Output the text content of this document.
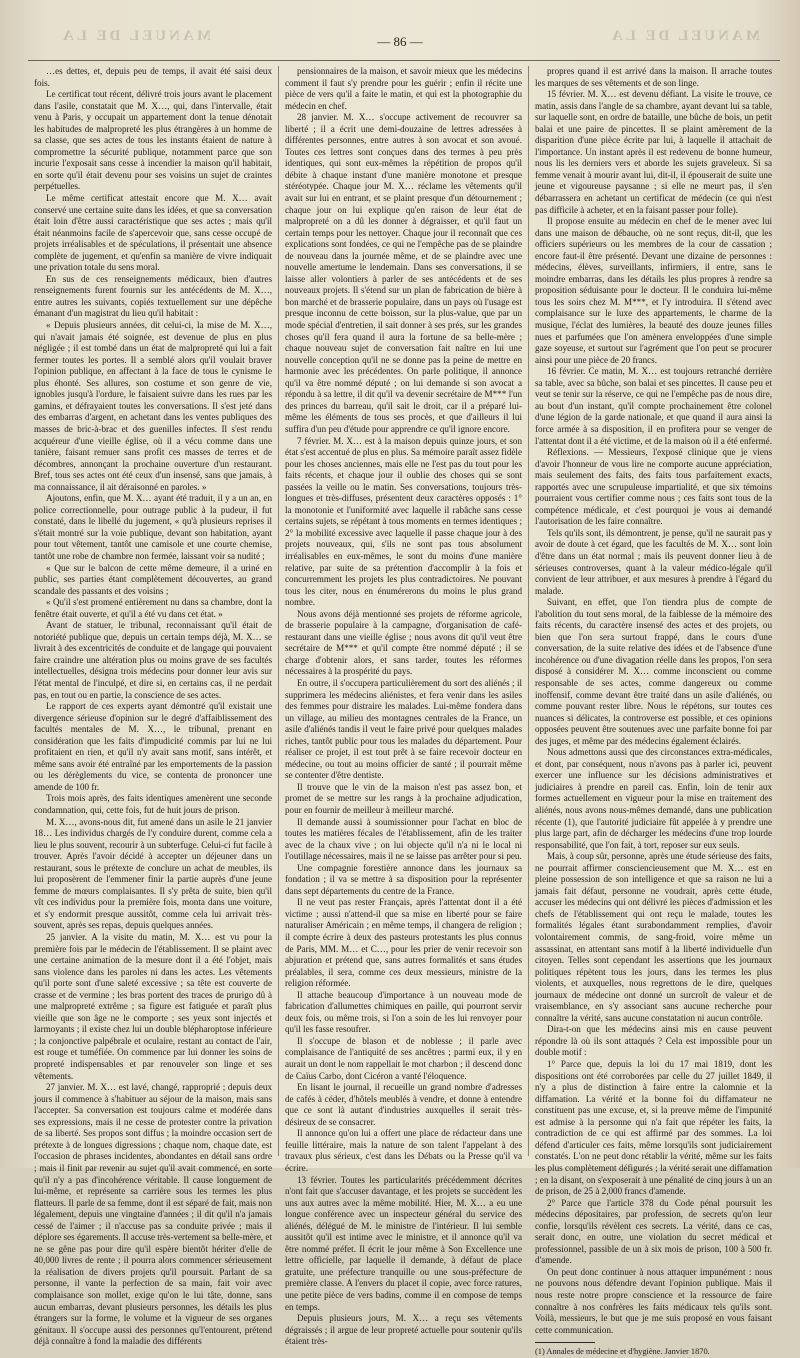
MANUEL DE LA	— 86 —	MANUEL DE LA

…es dettes, et, depuis peu de temps, il avait été saisi deux fois.

Le certificat tout récent, délivré trois jours avant le placement dans l'asile, constatait que M. X…, qui, dans l'intervalle, était venu à Paris, y occupait un appartement dont la tenue dénotait les habitudes de malpropreté les plus étrangères à un homme de sa classe, que ses actes de tous les instants étaient de nature à compromettre la sécurité publique, notamment parce que son incurie l'exposait sans cesse à incendier la maison qu'il habitait, en sorte qu'il était devenu pour ses voisins un sujet de craintes perpétuelles.

Le même certificat attestait encore que M. X… avait conservé une certaine suite dans les idées, et que sa conversation était loin d'être aussi caractéristique que ses actes ; mais qu'il était néanmoins facile de s'apercevoir que, sans cesse occupé de projets irréalisables et de spéculations, il présentait une absence complète de jugement, et qu'enfin sa manière de vivre indiquait une privation totale du sens moral.

En sus de ces renseignements médicaux, bien d'autres renseignements furent fournis sur les antécédents de M. X…, entre autres les suivants, copiés textuellement sur une dépêche émanant d'un magistrat du lieu qu'il habitait :

« Depuis plusieurs années, dit celui-ci, la mise de M. X…, qui n'avait jamais été soignée, est devenue de plus en plus négligée ; il est tombé dans un état de malpropreté qui lui a fait fermer toutes les portes. Il a semblé alors qu'il voulait braver l'opinion publique, en affectant à la face de tous le cynisme le plus éhonté. Ses allures, son costume et son genre de vie, ignobles jusqu'à l'ordure, le faisaient suivre dans les rues par les gamins, et défrayaient toutes les conversations. Il s'est jeté dans des embarras d'argent, en achetant dans les ventes publiques des masses de bric-à-brac et des guenilles infectes. Il s'est rendu acquéreur d'une vieille église, où il a vécu comme dans une tanière, faisant remuer sans profit ces masses de terres et de décombres, annonçant la prochaine ouverture d'un restaurant. Bref, tous ses actes ont été ceux d'un insensé, sans que jamais, à ma connaissance, il ait déraisonné en paroles. »

Ajoutons, enfin, que M. X… ayant été traduit, il y a un an, en police correctionnelle, pour outrage public à la pudeur, il fut constaté, dans le libellé du jugement, « qu'à plusieurs reprises il s'était montré sur la voie publique, devant son habitation, ayant pour tout vêtement, tantôt une camisole et une courte chemise, tantôt une robe de chambre non fermée, laissant voir sa nudité ;

« Que sur le balcon de cette même demeure, il a uriné en public, ses parties étant complètement découvertes, au grand scandale des passants et des voisins ;

« Qu'il s'est promené entièrement nu dans sa chambre, dont la fenêtre était ouverte, et qu'il a été vu dans cet état. »

Avant de statuer, le tribunal, reconnaissant qu'il était de notoriété publique que, depuis un certain temps déjà, M. X… se livrait à des excentricités de conduite et de langage qui pouvaient faire craindre une altération plus ou moins grave de ses facultés intellectuelles, désigna trois médecins pour donner leur avis sur l'état mental de l'inculpé, et dire si, en certains cas, il ne perdait pas, en tout ou en partie, la conscience de ses actes.

Le rapport de ces experts ayant démontré qu'il existait une divergence sérieuse d'opinion sur le degré d'affaiblissement des facultés mentales de M. X…, le tribunal, prenant en considération que les faits d'impudicité commis par lui ne lui profitaient en rien, et qu'il n'y avait sans motif, sans intérêt, et même sans avoir été entraîné par les emportements de la passion ou les dérèglements du vice, se contenta de prononcer une amende de 100 fr.

Trois mois après, des faits identiques amenèrent une seconde condamnation, qui, cette fois, fut de huit jours de prison.

M. X…, avons-nous dit, fut amené dans un asile le 21 janvier 18… Les individus chargés de l'y conduire durent, comme cela a lieu le plus souvent, recourir à un subterfuge. Celui-ci fut facile à trouver. Après l'avoir décidé à accepter un déjeuner dans un restaurant, sous le prétexte de conclure un achat de meubles, ils lui proposèrent de l'emmener finir la partie auprès d'une jeune femme de mœurs complaisantes. Il s'y prêta de suite, bien qu'il vît ces individus pour la première fois, monta dans une voiture, et s'y endormit presque aussitôt, comme cela lui arrivait très-souvent, après ses repas, depuis quelques années.

25 janvier. A la visite du matin, M. X… est vu pour la première fois par le médecin de l'établissement. Il se plaint avec une certaine animation de la mesure dont il a été l'objet, mais sans violence dans les paroles ni dans les actes. Les vêtements qu'il porte sont d'une saleté excessive ; sa tête est couverte de crasse et de vermine ; les bras portent des traces de prurigo dû à une malpropreté extrême ; sa figure est fatiguée et paraît plus vieille que son âge ne le comporte ; ses yeux sont injectés et larmoyants ; il existe chez lui un double blépharoptose inférieure ; la conjonctive palpébrale et oculaire, restant au contact de l'air, est rouge et tuméfiée. On commence par lui donner les soins de propreté indispensables et par renouveler son linge et ses vêtements.

27 janvier. M. X… est lavé, changé, rapproprié ; depuis deux jours il commence à s'habituer au séjour de la maison, mais sans l'accepter. Sa conversation est toujours calme et modérée dans ses expressions, mais il ne cesse de protester contre la privation de sa liberté. Ses propos sont diffus ; la moindre occasion sert de prétexte à de longues digressions ; chaque nom, chaque date, est l'occasion de phrases incidentes, abondantes en détail sans ordre ; mais il finit par revenir au sujet qu'il avait commencé, en sorte qu'il n'y a pas d'incohérence véritable. Il cause longuement de lui-même, et représente sa carrière sous les termes les plus flatteurs. Il parle de sa femme, dont il est séparé de fait, mais non légalement, depuis une vingtaine d'années ; il dit qu'il n'a jamais cessé de l'aimer ; il n'accuse pas sa conduite privée ; mais il déplore ses égarements. Il accuse très-vertement sa belle-mère, et ne se gêne pas pour dire qu'il espère bientôt hériter d'elle de 40,000 livres de rente ; il pourra alors commencer sérieusement la réalisation de divers projets qu'il poursuit. Parlant de sa personne, il vante la perfection de sa main, fait voir avec complaisance son mollet, exige qu'on le lui tâte, donne, sans aucun embarras, devant plusieurs personnes, les détails les plus étrangers sur la forme, le volume et la vigueur de ses organes génitaux. Il s'occupe aussi des personnes qu'l'entourent, prétend déjà connaître à fond la maladie des différents

pensionnaires de la maison, et savoir mieux que les médecins comment il faut s'y prendre pour les guérir ; enfin il récite une pièce de vers qu'il a faite le matin, et qui est la photographie du médecin en chef.

28 janvier. M. X… s'occupe activement de recouvrer sa liberté ; il a écrit une demi-douzaine de lettres adressées à différentes personnes, entre autres à son avocat et son avoué. Toutes ces lettres sont conçues dans des termes à peu près identiques, qui sont eux-mêmes la répétition de propos qu'il débite à chaque instant d'une manière monotone et presque stéréotypée. Chaque jour M. X… réclame les vêtements qu'il avait sur lui en entrant, et se plaint presque d'un détournement ; chaque jour on lui explique qu'en raison de leur état de malpropreté on a dû les donner à dégraisser, et qu'il faut un certain temps pour les nettoyer. Chaque jour il reconnaît que ces explications sont fondées, ce qui ne l'empêche pas de se plaindre de nouveau dans la journée même, et de se plaindre avec une nouvelle amertume le lendemain. Dans ses conversations, il se laisse aller volontiers à parler de ses antécédents et de ses nouveaux projets. Il s'étend sur un plan de fabrication de bière à bon marché et de brasserie populaire, dans un pays où l'usage est presque inconnu de cette boisson, sur la plus-value, que par un mode spécial d'entretien, il sait donner à ses prés, sur les grandes choses qu'il fera quand il aura la fortune de sa belle-mère ; chaque nouveau sujet de conversation fait naître en lui une nouvelle conception qu'il ne se donne pas la peine de mettre en harmonie avec les précédentes. On parle politique, il annonce qu'il va être nommé député ; on lui demande si son avocat a répondu à sa lettre, il dit qu'il va devenir secrétaire de M*** l'un des princes du barreau, qu'il sait le droit, car il a préparé lui-même les éléments de tous ses procès, et que d'ailleurs il lui suffira d'un peu d'étude pour apprendre ce qu'il ignore encore.

7 février. M. X… est à la maison depuis quinze jours, et son état s'est accentué de plus en plus. Sa mémoire paraît assez fidèle pour les choses anciennes, mais elle ne l'est pas du tout pour les faits récents, et chaque jour il oublie des choses qui se sont passées la veille ou le matin. Ses conversations, toujours très-longues et très-diffuses, présentent deux caractères opposés : 1° la monotonie et l'uniformité avec laquelle il rabâche sans cesse certains sujets, se répétant à tous moments en termes identiques ; 2° la mobilité excessive avec laquelle il passe chaque jour à des projets nouveaux, qui, s'ils ne sont pas tous absolument irréalisables en eux-mêmes, le sont du moins d'une manière relative, par suite de sa prétention d'accomplir à la fois et concurremment les projets les plus contradictoires. Ne pouvant tous les citer, nous en énumérerons du moins le plus grand nombre.

Nous avons déjà mentionné ses projets de réforme agricole, de brasserie populaire à la campagne, d'organisation de café-restaurant dans une vieille église ; nous avons dit qu'il veut être secrétaire de M*** et qu'il compte être nommé député ; il se charge d'obtenir alors, et sans tarder, toutes les réformes nécessaires à la prospérité du pays.

En outre, il s'occupera particulièrement du sort des aliénés ; il supprimera les médecins aliénistes, et fera venir dans les asiles des femmes pour distraire les malades. Lui-même fondera dans un village, au milieu des montagnes centrales de la France, un asile d'aliénés tandis il veut le faire privé pour quelques malades riches, tantôt public pour tous les malades du département. Pour réaliser ce projet, il est tout prêt à se faire recevoir docteur en médecine, ou tout au moins officier de santé ; il pourrait même se contenter d'être dentiste.

Il trouve que le vin de la maison n'est pas assez bon, et promet de se mettre sur les rangs à la prochaine adjudication, pour en fournir de meilleur à meilleur marché.

Il demande aussi à soumissionner pour l'achat en bloc de toutes les matières fécales de l'établissement, afin de les traiter avec de la chaux vive ; on lui objecte qu'il n'a ni le local ni l'outillage nécessaires, mais il ne se laisse pas arrêter pour si peu.

Une compagnie forestière annonce dans les journaux sa fondation ; il va se mettre à sa disposition pour la représenter dans sept départements du centre de la France.

Il ne veut pas rester Français, après l'attentat dont il a été victime ; aussi n'attend-il que sa mise en liberté pour se faire naturaliser Américain ; en même temps, il changera de religion ; il compte écrire à deux des pasteurs protestants les plus connus de Paris, MM. M… et C…, pour les prier de venir recevoir son abjuration et prétend que, sans autres formalités et sans études préalables, il sera, comme ces deux messieurs, ministre de la religion réformée.

Il attache beaucoup d'importance à un nouveau mode de fabrication d'allumettes chimiques en paille, qui pourront servir deux fois, ou même trois, si l'on a soin de les lui renvoyer pour qu'il les fasse resoufrer.

Il s'occupe de blason et de noblesse ; il parle avec complaisance de l'antiquité de ses ancêtres ; parmi eux, il y en aurait un dont le nom rappellait le mot charbon ; il descend donc de Caïus Carbo, dont Cicéron a vanté l'éloquence.

En lisant le journal, il recueille un grand nombre d'adresses de cafés à céder, d'hôtels meublés à vendre, et donne à entendre que ce sont là autant d'industries auxquelles il serait très-désireux de se consacrer.

Il annonce qu'on lui a offert une place de rédacteur dans une feuille littéraire, mais la nature de son talent l'appelant à des travaux plus sérieux, c'est dans les Débats ou la Presse qu'il va écrire.

13 février. Toutes les particularités précédemment décrites n'ont fait que s'accuser davantage, et les projets se succèdent les uns aux autres avec la même mobilité. Hier, M. X… a eu une longue conférence avec un inspecteur général du service des aliénés, délégué de M. le ministre de l'intérieur. Il lui semble aussitôt qu'il est intime avec le ministre, et il annonce qu'il va être nommé préfet. Il écrit le jour même à Son Excellence une lettre officielle, par laquelle il demande, à défaut de place gratuite, une préfecture tranquille ou une sous-préfecture de première classe. A l'envers du placet il copie, avec force ratures, une petite pièce de vers badins, comme il en compose de temps en temps.

Depuis plusieurs jours, M. X… a reçu ses vêtements dégraissés ; il argue de leur propreté actuelle pour soutenir qu'ils étaient très-

propres quand il est arrivé dans la maison. Il arrache toutes les marques de ses vêtements et de son linge.

15 février. M. X… est devenu défiant. La visite le trouve, ce matin, assis dans l'angle de sa chambre, ayant devant lui sa table, sur laquelle sont, en ordre de bataille, une bûche de bois, un petit balai et une paire de pincettes. Il se plaint amèrement de la disparition d'une pièce écrite par lui, à laquelle il attachait de l'importance. Un instant après il est redevenu de bonne humeur, nous lis les derniers vers et aborde les sujets graveleux. Si sa femme venait à mourir avant lui, dit-il, il épouserait de suite une jeune et vigoureuse paysanne ; si elle ne meurt pas, il s'en débarrassera en achetant un certificat de médecin (ce qui n'est pas difficile à acheter, et en la faisant passer pour folle).

Il propose ensuite au médecin en chef de le mener avec lui dans une maison de débauche, où ne sont reçus, dit-il, que les officiers supérieurs ou les membres de la cour de cassation ; encore faut-il être présenté. Devant une dizaine de personnes : médecins, élèves, surveillants, infirmiers, il entre, sans le moindre embarras, dans les détails les plus propres à rendre sa proposition séduisante pour le docteur. Il le conduira lui-même tous les soirs chez M. M***, et l'y introduira. Il s'étend avec complaisance sur le luxe des appartements, le charme de la musique, l'éclat des lumières, la beauté des douze jeunes filles nues et parfumées que l'on amènera enveloppées d'une simple gaze soyeuse, et surtout sur l'agrément que l'on peut se procurer ainsi pour une pièce de 20 francs.

16 février. Ce matin, M. X… est toujours retranché derrière sa table, avec sa bûche, son balai et ses pincettes. Il cause peu et veut se tenir sur la réserve, ce qui ne l'empêche pas de nous dire, au bout d'un instant, qu'il compte prochainement être colonel d'une légion de la garde nationale, et que quand il aura ainsi la force armée à sa disposition, il en profitera pour se venger de l'attentat dont il a été victime, et de la maison où il a été enfermé.

Réflexions. — Messieurs, l'exposé clinique que je viens d'avoir l'honneur de vous lire ne comporte aucune appréciation, mais seulement des faits, des faits tous parfaitement exacts, rapportés avec une scrupuleuse impartialité, et que six témoins pourraient vous certifier comme nous ; ces faits sont tous de la compétence médicale, et c'est pourquoi je vous ai demandé l'autorisation de les faire connaître.

Tels qu'ils sont, ils démontrent, je pense, qu'il ne saurait pas y avoir de doute à cet égard, que les facultés de M. X… sont loin d'être dans un état normal ; mais ils peuvent donner lieu à de sérieuses controverses, quant à la valeur médico-légale qu'il convient de leur attribuer, et aux mesures à prendre à l'égard du malade.

Suivant, en effet, que l'on tiendra plus de compte de l'abolition du tout sens moral, de la faiblesse de la mémoire des faits récents, du caractère insensé des actes et des projets, ou bien que l'on sera surtout frappé, dans le cours d'une conversation, de la suite relative des idées et de l'absence d'une incohérence ou d'une divagation réelle dans les propos, l'on sera disposé à considérer M. X… comme inconscient ou comme responsable de ses actes, comme dangereux ou comme inoffensif, comme devant être traité dans un asile d'aliénés, ou comme pouvant rester libre. Nous le répétons, sur toutes ces nuances si délicates, la controverse est possible, et ces opinions opposées peuvent être soutenues avec une parfaite bonne foi par des juges, et même par des médecins également éclairés.

Nous admettons aussi que des circonstances extra-médicales, et dont, par conséquent, nous n'avons pas à parler ici, peuvent exercer une influence sur les décisions administratives et judiciaires à prendre en pareil cas. Enfin, loin de tenir aux formes actuellement en vigueur pour la mise en traitement des aliénés, nous avons nous-mêmes demandé, dans une publication récente (1), que l'autorité judiciaire fût appelée à y prendre une plus large part, afin de décharger les médecins d'une trop lourde responsabilité, que l'on fait, à tort, reposer sur eux seuls.

Mais, à coup sûr, personne, après une étude sérieuse des faits, ne pourrait affirmer consciencieusement que M. X… est en pleine possession de son intelligence et que sa raison ne lui a jamais fait défaut, personne ne voudrait, après cette étude, accuser les médecins qui ont délivré les pièces d'admission et les chefs de l'établissement qui ont reçu le malade, toutes les formalités légales étant surabondamment remplies, d'avoir volontairement commis, de sang-froid, voire même un assassinat, en attentant sans motif à la liberté individuelle d'un citoyen. Telles sont cependant les assertions que les journaux politiques répètent tous les jours, dans les termes les plus violents, et auxquelles, nous regrettons de le dire, quelques journaux de médecine ont donné un surcroît de valeur et de vraisemblance, en s'y associant sans aucune recherche pour connaître la vérité, sans aucune constatation ni aucun contrôle.

Dira-t-on que les médecins ainsi mis en cause peuvent répondre là où ils sont attaqués ? Cela est impossible pour un double motif :

1° Parce que, depuis la loi du 17 mai 1819, dont les dispositions ont été corroborées par celle du 27 juillet 1849, il n'y a plus de distinction à faire entre la calomnie et la diffamation. La vérité et la bonne foi du diffamateur ne constituent pas une excuse, et, si la preuve même de l'impunité est admise à la personne qui n'a fait que répéter les faits, la contradiction de ce qui est affirmé par des sommes. La loi défend d'articuler ces faits, même lorsqu'ils sont judiciairement constatés. L'on ne peut donc rétablir la vérité, même sur les faits les plus complètement défigurés ; la vérité serait une diffamation ; en la disant, on s'exposerait à une pénalité de cinq jours à un an de prison, de 25 à 2,000 francs d'amende.

2° Parce que l'article 378 du Code pénal poursuit les médecins dépositaires, par profession, de secrets qu'on leur confie, lorsqu'ils révèlent ces secrets. La vérité, dans ce cas, serait donc, en outre, une violation du secret médical et professionnel, passible de un à six mois de prison, 100 à 500 fr. d'amende.

On peut donc continuer à nous attaquer impunément : nous ne pouvons nous défendre devant l'opinion publique. Mais il nous reste notre propre conscience et la ressource de faire connaître à nos confrères les faits médicaux tels qu'ils sont. Voilà, messieurs, le but que je me suis proposé en vous faisant cette communication.

(1) Annales de médecine et d'hygiène. Janvier 1870.
